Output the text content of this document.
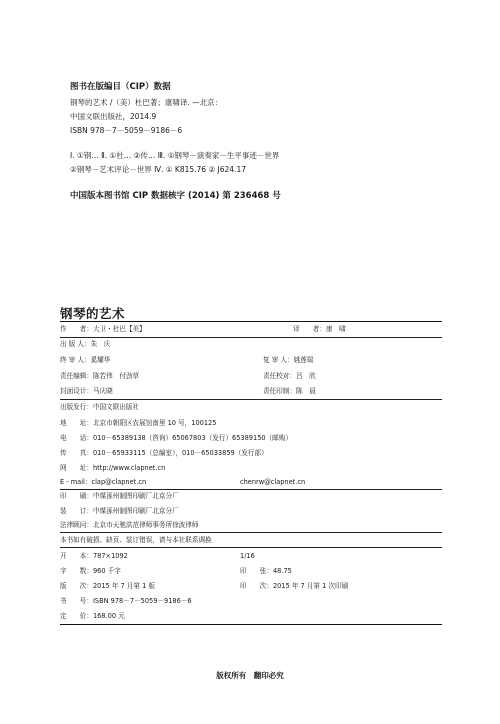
图书在版编目（CIP）数据
钢琴的艺术 /（美）杜巴著；康啸译. —北京：
中国文联出版社，2014.9
ISBN 978－7－5059－9186－6
Ⅰ. ①钢… Ⅱ. ①杜… ②传… Ⅲ. ①钢琴－演奏家－生平事迹－世界
②钢琴－艺术评论－世界 Ⅳ. ① K815.76 ② J624.17
中国版本图书馆 CIP 数据核字 (2014) 第 236468 号
钢琴的艺术
作　　者：大卫・杜巴【美】	译　　者：康　啸
出 版 人：朱　庆
终 审 人：奚耀华	复 审 人：姚莲瑞
责任编辑：陈若伟　付劲草	责任校对：吕　欣
封面设计：马庆晓	责任印制：陈　晨
出版发行：中国文联出版社
地　　址：北京市朝阳区农展馆南里 10 号，100125
电　　话：010－65389138（咨询）65067803（发行）65389150（邮购）
传　　真：010－65933115（总编室），010－65033859（发行部）
网　　址：http://www.clapnet.cn
E - mail：clap@clapnet.cn	chenrw@clapnet.cn
印　　刷：中煤涿州制图印刷厂北京分厂
装　　订：中煤涿州制图印刷厂北京分厂
法律顾问：北京市天驰洪范律师事务所徐波律师
本书如有破损、缺页、装订错误，请与本社联系调换
开　　本：787×1092	1/16
字　　数：960 千字	印　　张：48.75
版　　次：2015 年 7 月第 1 版	印　　次：2015 年 7 月第 1 次印刷
书　　号：ISBN 978－7－5059－9186－6
定　　价：168.00 元
版权所有　翻印必究
